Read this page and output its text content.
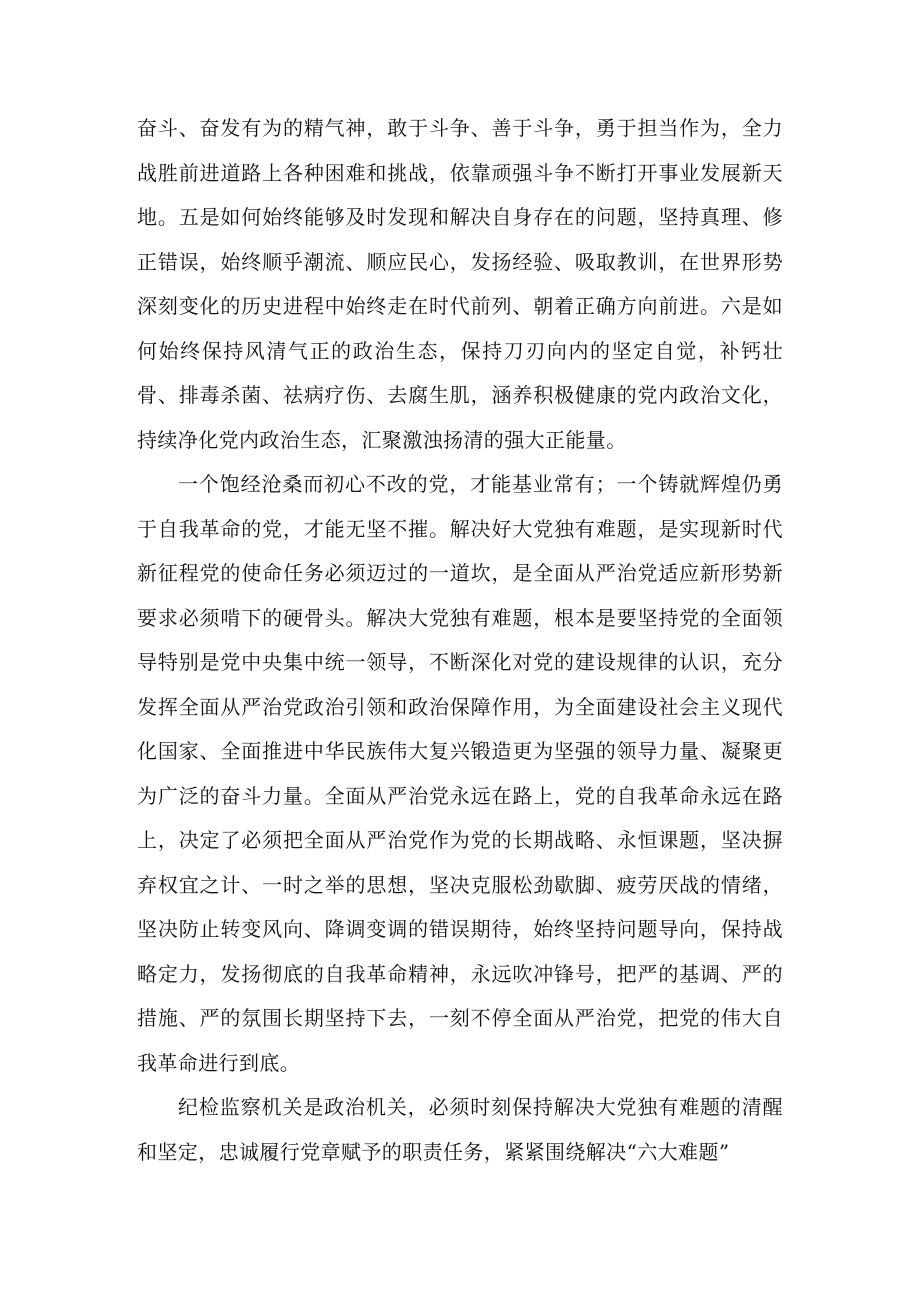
奋斗、奋发有为的精气神，敢于斗争、善于斗争，勇于担当作为，全力战胜前进道路上各种困难和挑战，依靠顽强斗争不断打开事业发展新天地。五是如何始终能够及时发现和解决自身存在的问题，坚持真理、修正错误，始终顺乎潮流、顺应民心，发扬经验、吸取教训，在世界形势深刻变化的历史进程中始终走在时代前列、朝着正确方向前进。六是如何始终保持风清气正的政治生态，保持刀刃向内的坚定自觉，补钙壮骨、排毒杀菌、祛病疗伤、去腐生肌，涵养积极健康的党内政治文化，持续净化党内政治生态，汇聚激浊扬清的强大正能量。

一个饱经沧桑而初心不改的党，才能基业常有；一个铸就辉煌仍勇于自我革命的党，才能无坚不摧。解决好大党独有难题，是实现新时代新征程党的使命任务必须迈过的一道坎，是全面从严治党适应新形势新要求必须啃下的硬骨头。解决大党独有难题，根本是要坚持党的全面领导特别是党中央集中统一领导，不断深化对党的建设规律的认识，充分发挥全面从严治党政治引领和政治保障作用，为全面建设社会主义现代化国家、全面推进中华民族伟大复兴锻造更为坚强的领导力量、凝聚更为广泛的奋斗力量。全面从严治党永远在路上，党的自我革命永远在路上，决定了必须把全面从严治党作为党的长期战略、永恒课题，坚决摒弃权宜之计、一时之举的思想，坚决克服松劲歇脚、疲劳厌战的情绪，坚决防止转变风向、降调变调的错误期待，始终坚持问题导向，保持战略定力，发扬彻底的自我革命精神，永远吹冲锋号，把严的基调、严的措施、严的氛围长期坚持下去，一刻不停全面从严治党，把党的伟大自我革命进行到底。

纪检监察机关是政治机关，必须时刻保持解决大党独有难题的清醒和坚定，忠诚履行党章赋予的职责任务，紧紧围绕解决“六大难题”
